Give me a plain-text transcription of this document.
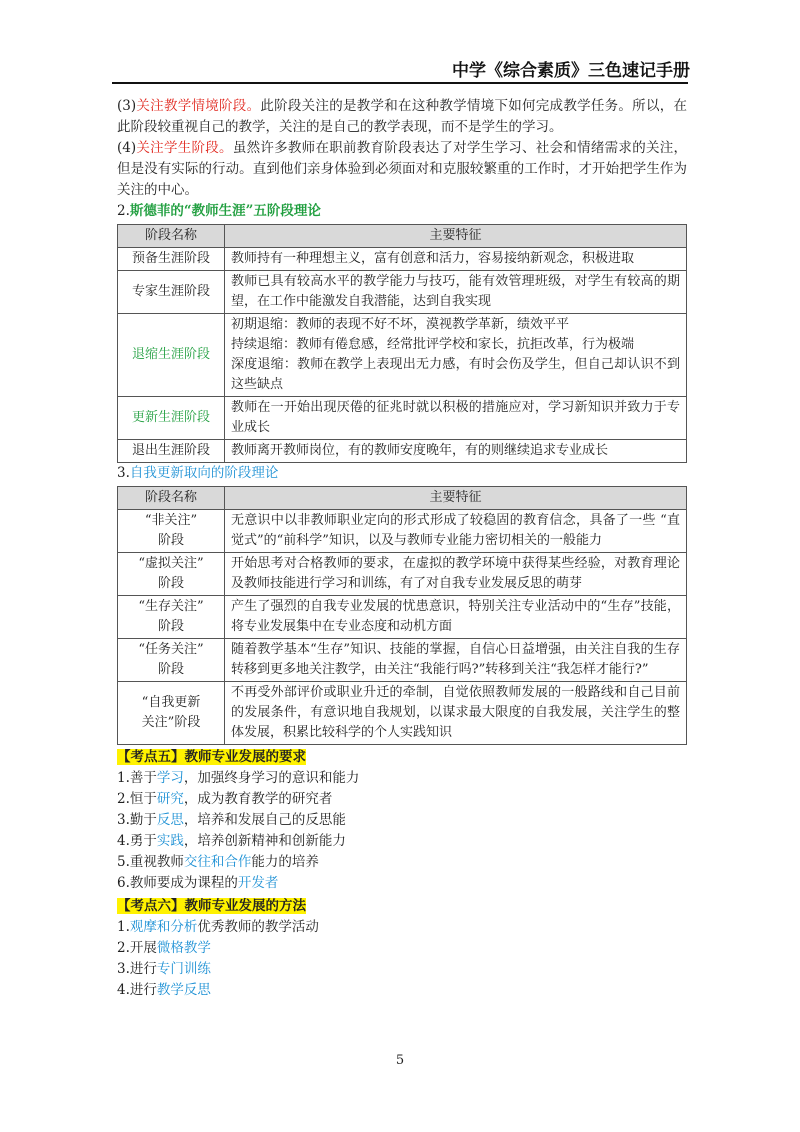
中学《综合素质》三色速记手册

(3)关注教学情境阶段。此阶段关注的是教学和在这种教学情境下如何完成教学任务。所以，在此阶段较重视自己的教学，关注的是自己的教学表现，而不是学生的学习。

(4)关注学生阶段。虽然许多教师在职前教育阶段表达了对学生学习、社会和情绪需求的关注，但是没有实际的行动。直到他们亲身体验到必须面对和克服较繁重的工作时，才开始把学生作为关注的中心。

2.斯德菲的“教师生涯”五阶段理论

阶段名称	主要特征
预备生涯阶段	教师持有一种理想主义，富有创意和活力，容易接纳新观念，积极进取
专家生涯阶段	教师已具有较高水平的教学能力与技巧，能有效管理班级，对学生有较高的期望，在工作中能激发自我潜能，达到自我实现
退缩生涯阶段	初期退缩：教师的表现不好不坏，漠视教学革新，绩效平平
持续退缩：教师有倦怠感，经常批评学校和家长，抗拒改革，行为极端
深度退缩：教师在教学上表现出无力感，有时会伤及学生，但自己却认识不到这些缺点

更新生涯阶段	教师在一开始出现厌倦的征兆时就以积极的措施应对，学习新知识并致力于专业成长
退出生涯阶段	教师离开教师岗位，有的教师安度晚年，有的则继续追求专业成长

3.自我更新取向的阶段理论

阶段名称	主要特征

“非关注”
阶段	无意识中以非教师职业定向的形式形成了较稳固的教育信念，具备了一些 “直觉式”的“前科学”知识，以及与教师专业能力密切相关的一般能力

“虚拟关注”
阶段	开始思考对合格教师的要求，在虚拟的教学环境中获得某些经验，对教育理论及教师技能进行学习和训练，有了对自我专业发展反思的萌芽

“生存关注”
阶段	产生了强烈的自我专业发展的忧患意识，特别关注专业活动中的“生存”技能，将专业发展集中在专业态度和动机方面

“任务关注”
阶段	随着教学基本“生存”知识、技能的掌握，自信心日益增强，由关注自我的生存转移到更多地关注教学，由关注“我能行吗?”转移到关注“我怎样才能行?”

“自我更新
关注”阶段	不再受外部评价或职业升迁的牵制，自觉依照教师发展的一般路线和自己目前的发展条件，有意识地自我规划，以谋求最大限度的自我发展，关注学生的整体发展，积累比较科学的个人实践知识

【考点五】教师专业发展的要求

1.善于学习，加强终身学习的意识和能力

2.恒于研究，成为教育教学的研究者

3.勤于反思，培养和发展自己的反思能

4.勇于实践，培养创新精神和创新能力

5.重视教师交往和合作能力的培养

6.教师要成为课程的开发者

【考点六】教师专业发展的方法

1.观摩和分析优秀教师的教学活动

2.开展微格教学

3.进行专门训练

4.进行教学反思

5
